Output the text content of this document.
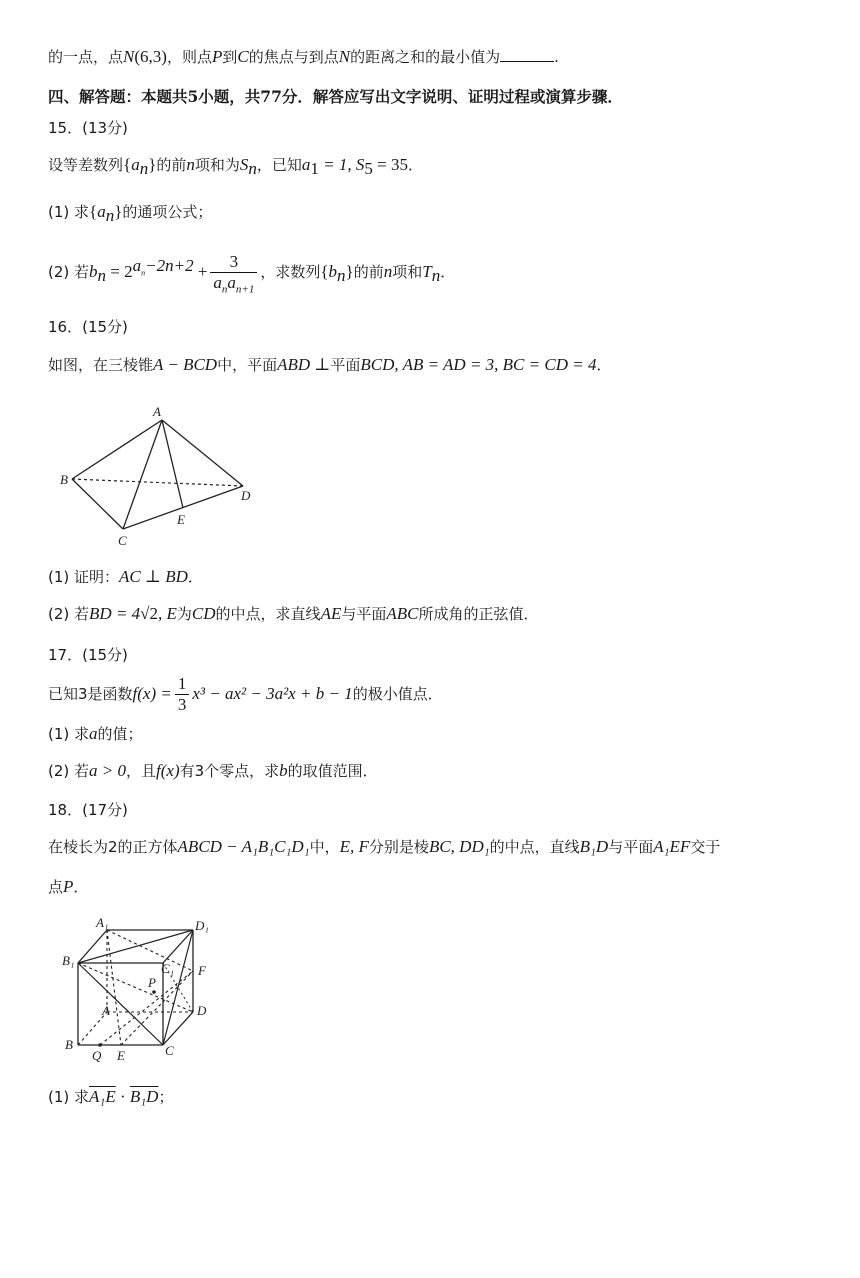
的一点，点N(6,3)，则点P到C的焦点与到点N的距离之和的最小值为	.
四、解答题：本题共5小题，共77分．解答应写出文字说明、证明过程或演算步骤．
15．(13分)
设等差数列$\{a_n\}$的前n项和为$S_n$，已知$a_1 = 1$, $S_5 = 35$．
(1) 求$\{a_n\}$的通项公式；
(2) 若$b_n = 2^{a_n-2n+2} + \frac{3}{a_na_{n+1}}$ ，求数列$\{b_n\}$的前n项和$T_n$．
16．(15分)
如图，在三棱锥A − BCD中，平面ABD ⊥平面BCD, AB = AD = 3, BC = CD = 4．
A
B
C
D
E
(1) 证明：AC ⊥ BD．
(2) 若BD = 4√2, E为CD的中点，求直线AE与平面ABC所成角的正弦值．
17．(15分)
已知3是函数$f(x) = \frac{1}{3} x^3 - ax^2 - 3a^2x + b - 1$的极小值点．
(1) 求a的值；
(2) 若a > 0，且f(x)有3个零点，求b的取值范围．
18．(17分)
在棱长为2的正方体ABCD − A₁B₁C₁D₁中，E, F分别是棱BC, DD₁的中点，直线B₁D与平面A₁EF交于
点P．
A₁	D₁
B₁
C₁ F
P
A	D
B
Q E	C
(1) 求A₁E · B₁D；
